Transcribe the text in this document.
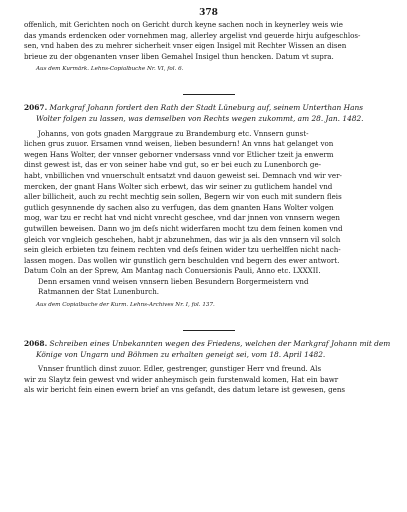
378

offenlich, mit Gerichten noch on Gericht durch keyne sachen noch in keynerley weis wie

das ymands erdencken oder vornehmen mag, allerley argelist vnd geuerde hirju aufgeschlos-

sen, vnd haben des zu mehrer sicherheit vnser eigen Insigel mit Rechter Wissen an disen

brieue zu der obgenanten vnser liben Gemahel Insigel thun hencken. Datum vt supra.

Aus dem Kurmärk. Lehns-Copialbuche Nr. VI, fol. 6.

2067. Markgraf Johann fordert den Rath der Stadt Lüneburg auf, seinem Unterthan Hans

Wolter folgen zu lassen, was demselben von Rechts wegen zukommt, am 28. Jan. 1482.

Johanns, von gots gnaden Marggraue zu Brandemburg etc. Vnnsern gunst-

lichen grus zuuor. Ersamen vnnd weisen, lieben besundern! An vnns hat gelanget von

wegen Hans Wolter, der vnnser geborner vndersass vnnd vor Etlicher tzeit ja enwerm

dinst gewest ist, das er von seiner habe vnd gut, so er bei euch zu Lunenborch ge-

habt, vnbillichen vnd vnuerschult entsatzt vnd dauon geweist sei. Demnach vnd wir ver-

mercken, der gnant Hans Wolter sich erbewt, das wir seiner zu gutlichem handel vnd

aller billicheit, auch zu recht mechtig sein sollen, Begern wir von euch mit sundern fleis

gutlich gesynnende dy sachen also zu verfugen, das dem gnanten Hans Wolter volgen

mog, war tzu er recht hat vnd nicht vnrecht geschee, vnd dar jnnen von vnnsern wegen

gutwillen beweisen. Dann wo jm deſs nicht widerfaren mocht tzu dem feinen komen vnd

gleich vor vngleich geschehen, habt jr abzunehmen, das wir ja als den vnnsern vil solch

sein gleich erbieten tzu feinem rechten vnd deſs feinen wider tzu uerhelffen nicht nach-

lassen mogen. Das wollen wir gunstlich gern beschulden vnd begern des ewer antwort.

Datum Coln an der Sprew, Am Mantag nach Conuersionis Pauli, Anno etc. LXXXII.

Denn ersamen vnnd weisen vnnsern lieben Besundern Borgermeistern vnd

Ratmannen der Stat Lunenburch.

Aus dem Copialbuche der Kurm. Lehns-Archives Nr. I, fol. 137.

2068. Schreiben eines Unbekannten wegen des Friedens, welchen der Markgraf Johann mit dem

Könige von Ungarn und Böhmen zu erhalten geneigt sei, vom 18. April 1482.

Vnnser fruntlich dinst zuuor. Edler, gestrenger, gunstiger Herr vnd freund. Als

wir zu Slaytz fein gewest vnd wider anheymisch gein furstenwald komen, Hat ein bawr

als wir bericht fein einen ewern brief an vns gefandt, des datum letare ist gewesen, gens
